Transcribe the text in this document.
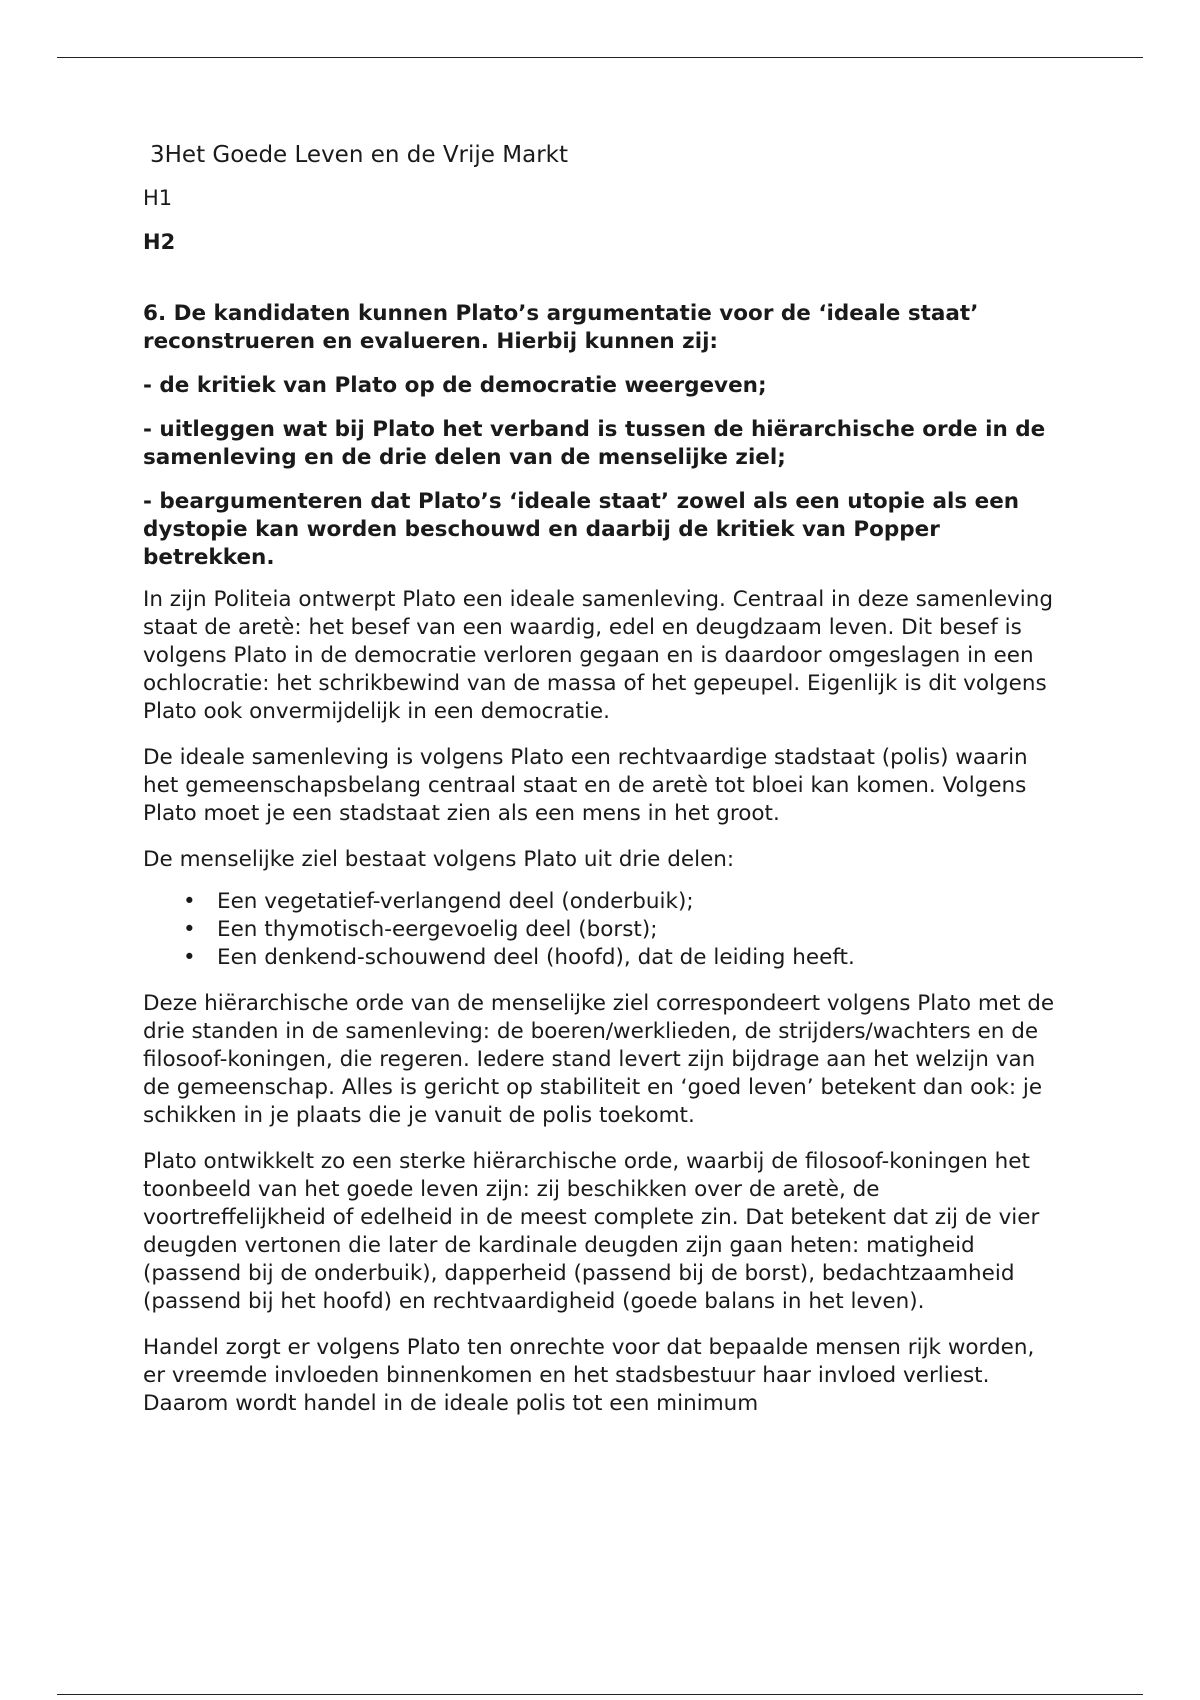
3Het Goede Leven en de Vrije Markt
H1
H2

6. De kandidaten kunnen Plato’s argumentatie voor de ‘ideale staat’ reconstrueren en evalueren. Hierbij kunnen zij:

- de kritiek van Plato op de democratie weergeven;

- uitleggen wat bij Plato het verband is tussen de hiërarchische orde in de samenleving en de drie delen van de menselijke ziel;

- beargumenteren dat Plato’s ‘ideale staat’ zowel als een utopie als een dystopie kan worden beschouwd en daarbij de kritiek van Popper betrekken.

In zijn Politeia ontwerpt Plato een ideale samenleving. Centraal in deze samenleving staat de aretè: het besef van een waardig, edel en deugdzaam leven. Dit besef is volgens Plato in de democratie verloren gegaan en is daardoor omgeslagen in een ochlocratie: het schrikbewind van de massa of het gepeupel. Eigenlijk is dit volgens Plato ook onvermijdelijk in een democratie.

De ideale samenleving is volgens Plato een rechtvaardige stadstaat (polis) waarin het gemeenschapsbelang centraal staat en de aretè tot bloei kan komen. Volgens Plato moet je een stadstaat zien als een mens in het groot.

De menselijke ziel bestaat volgens Plato uit drie delen:

• Een vegetatief-verlangend deel (onderbuik);
• Een thymotisch-eergevoelig deel (borst);
• Een denkend-schouwend deel (hoofd), dat de leiding heeft.

Deze hiërarchische orde van de menselijke ziel correspondeert volgens Plato met de drie standen in de samenleving: de boeren/werklieden, de strijders/wachters en de filosoof-koningen, die regeren. Iedere stand levert zijn bijdrage aan het welzijn van de gemeenschap. Alles is gericht op stabiliteit en ‘goed leven’ betekent dan ook: je schikken in je plaats die je vanuit de polis toekomt.

Plato ontwikkelt zo een sterke hiërarchische orde, waarbij de filosoof-koningen het toonbeeld van het goede leven zijn: zij beschikken over de aretè, de voortreffelijkheid of edelheid in de meest complete zin. Dat betekent dat zij de vier deugden vertonen die later de kardinale deugden zijn gaan heten: matigheid (passend bij de onderbuik), dapperheid (passend bij de borst), bedachtzaamheid (passend bij het hoofd) en rechtvaardigheid (goede balans in het leven).

Handel zorgt er volgens Plato ten onrechte voor dat bepaalde mensen rijk worden, er vreemde invloeden binnenkomen en het stadsbestuur haar invloed verliest. Daarom wordt handel in de ideale polis tot een minimum
